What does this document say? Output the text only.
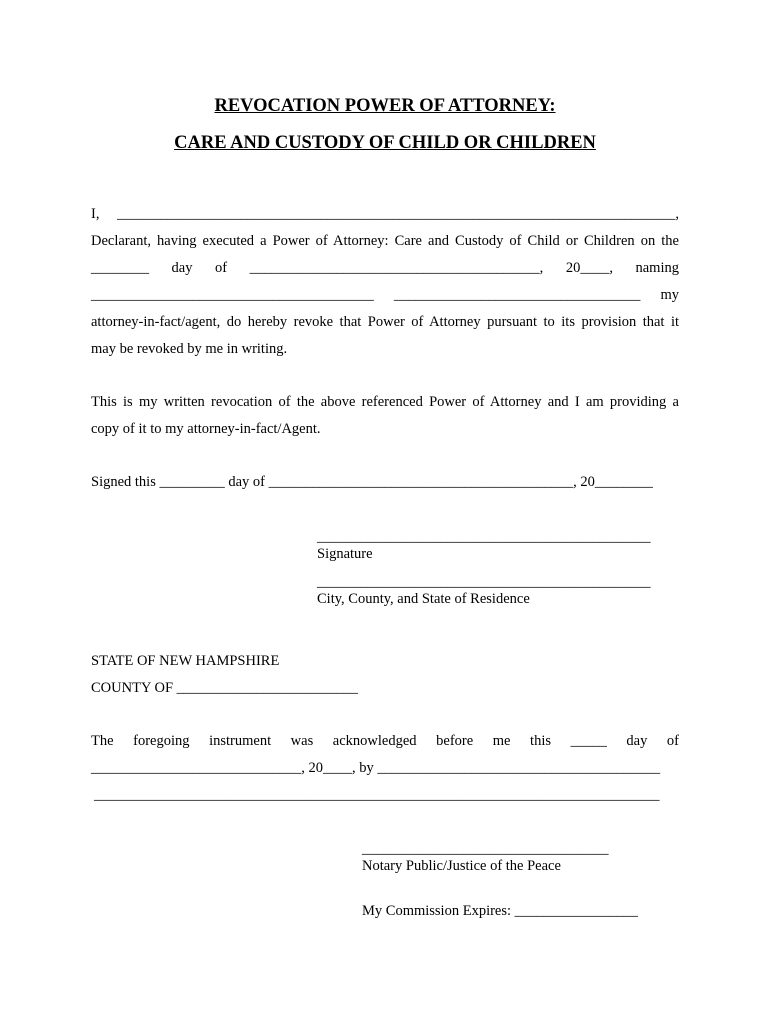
REVOCATION POWER OF ATTORNEY:
CARE AND CUSTODY OF CHILD OR CHILDREN
I, _____________________________________________________________________________,
Declarant, having executed a Power of Attorney: Care and Custody of Child or Children on the
________ day of ________________________________________, 20____, naming
_______________________________________ __________________________________ my
attorney-in-fact/agent, do hereby revoke that Power of Attorney pursuant to its provision that it
may be revoked by me in writing.
This is my written revocation of the above referenced Power of Attorney and I am providing a
copy of it to my attorney-in-fact/Agent.
Signed this _________ day of __________________________________________, 20________
______________________________________________
Signature
______________________________________________
City, County, and State of Residence
STATE OF NEW HAMPSHIRE
COUNTY OF _________________________
The foregoing instrument was acknowledged before me this _____ day of
_____________________________, 20____, by _______________________________________
______________________________________________________________________________
__________________________________
Notary Public/Justice of the Peace
My Commission Expires: _________________
